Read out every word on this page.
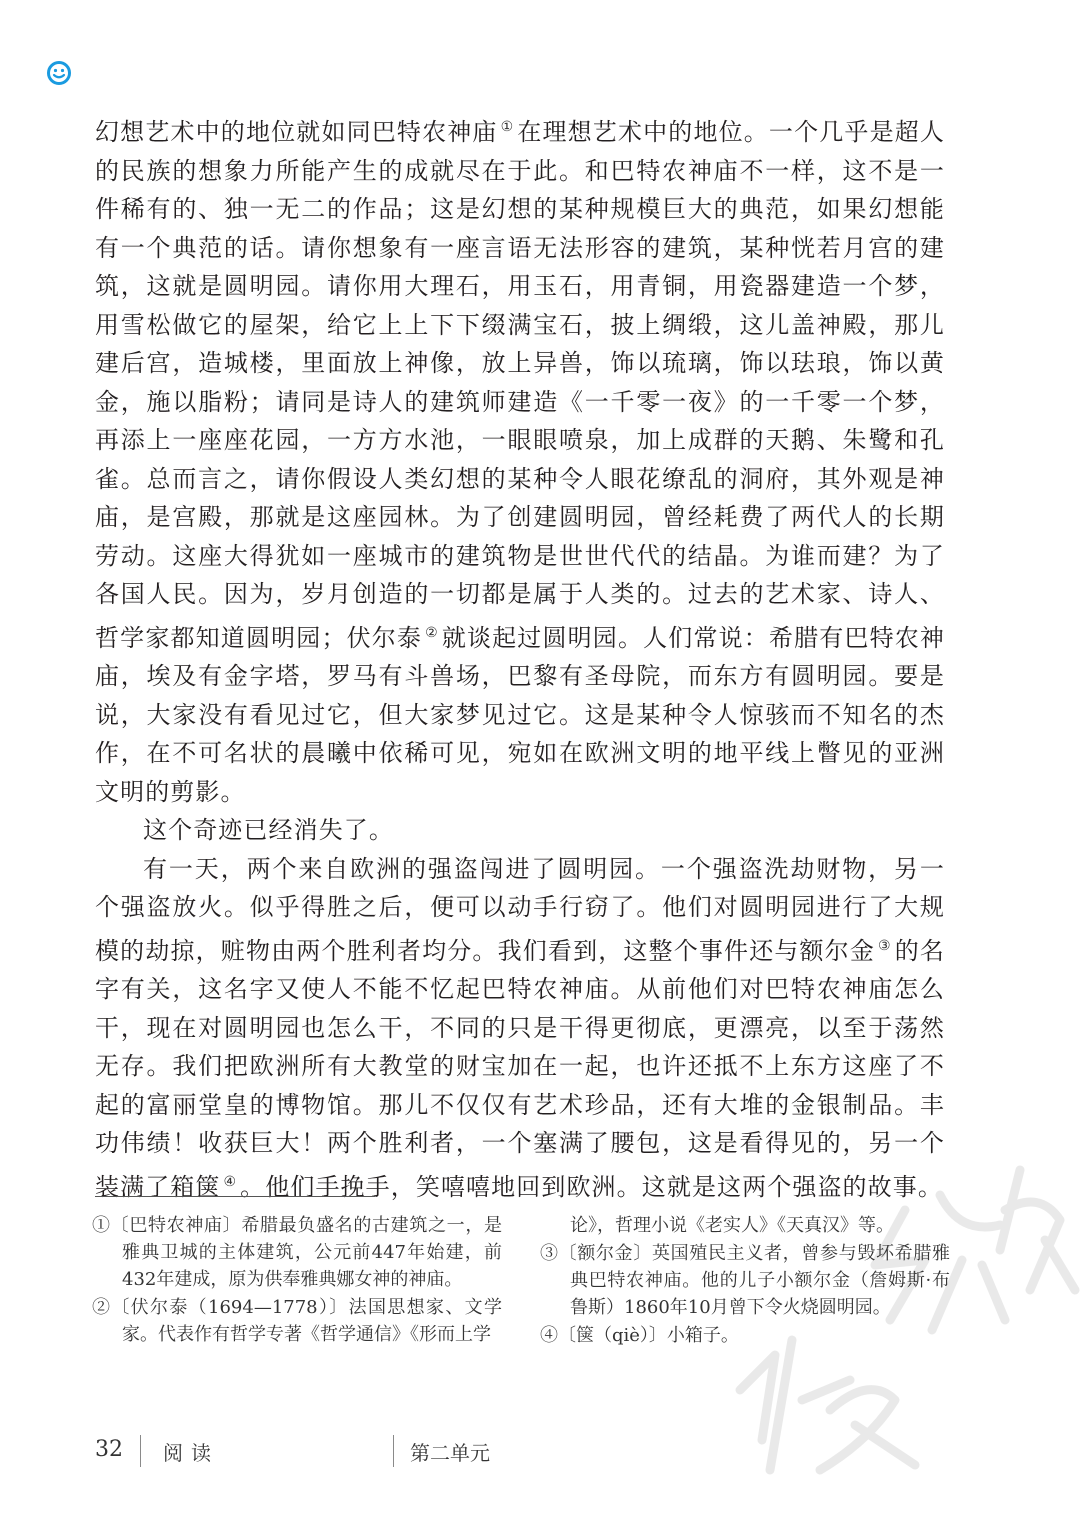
幻想艺术中的地位就如同巴特农神庙 ① 在理想艺术中的地位。一个几乎是超人的民族的想象力所能产生的成就尽在于此。和巴特农神庙不一样，这不是一件稀有的、独一无二的作品；这是幻想的某种规模巨大的典范，如果幻想能有一个典范的话。请你想象有一座言语无法形容的建筑，某种恍若月宫的建筑，这就是圆明园。请你用大理石，用玉石，用青铜，用瓷器建造一个梦，用雪松做它的屋架，给它上上下下缀满宝石，披上绸缎，这儿盖神殿，那儿建后宫，造城楼，里面放上神像，放上异兽，饰以琉璃，饰以珐琅，饰以黄金，施以脂粉；请同是诗人的建筑师建造《一千零一夜》的一千零一个梦，再添上一座座花园，一方方水池，一眼眼喷泉，加上成群的天鹅、朱鹭和孔雀。总而言之，请你假设人类幻想的某种令人眼花缭乱的洞府，其外观是神庙，是宫殿，那就是这座园林。为了创建圆明园，曾经耗费了两代人的长期劳动。这座大得犹如一座城市的建筑物是世世代代的结晶。为谁而建？为了各国人民。因为，岁月创造的一切都是属于人类的。过去的艺术家、诗人、哲学家都知道圆明园；伏尔泰 ② 就谈起过圆明园。人们常说：希腊有巴特农神庙，埃及有金字塔，罗马有斗兽场，巴黎有圣母院，而东方有圆明园。要是说，大家没有看见过它，但大家梦见过它。这是某种令人惊骇而不知名的杰作，在不可名状的晨曦中依稀可见，宛如在欧洲文明的地平线上瞥见的亚洲文明的剪影。

这个奇迹已经消失了。

有一天，两个来自欧洲的强盗闯进了圆明园。一个强盗洗劫财物，另一个强盗放火。似乎得胜之后，便可以动手行窃了。他们对圆明园进行了大规模的劫掠，赃物由两个胜利者均分。我们看到，这整个事件还与额尔金 ③ 的名字有关，这名字又使人不能不忆起巴特农神庙。从前他们对巴特农神庙怎么干，现在对圆明园也怎么干，不同的只是干得更彻底，更漂亮，以至于荡然无存。我们把欧洲所有大教堂的财宝加在一起，也许还抵不上东方这座了不起的富丽堂皇的博物馆。那儿不仅仅有艺术珍品，还有大堆的金银制品。丰功伟绩！收获巨大！两个胜利者，一个塞满了腰包，这是看得见的，另一个装满了箱箧 ④ 。他们手挽手，笑嘻嘻地回到欧洲。这就是这两个强盗的故事。

①〔巴特农神庙〕希腊最负盛名的古建筑之一，是雅典卫城的主体建筑，公元前447年始建，前432年建成，原为供奉雅典娜女神的神庙。

②〔伏尔泰（1694—1778）〕法国思想家、文学家。代表作有哲学专著《哲学通信》《形而上学

论》，哲理小说《老实人》《天真汉》等。

③〔额尔金〕英国殖民主义者，曾参与毁坏希腊雅典巴特农神庙。他的儿子小额尔金（詹姆斯·布鲁斯）1860年10月曾下令火烧圆明园。

④〔箧（qiè）〕小箱子。

32 阅读	第二单元
